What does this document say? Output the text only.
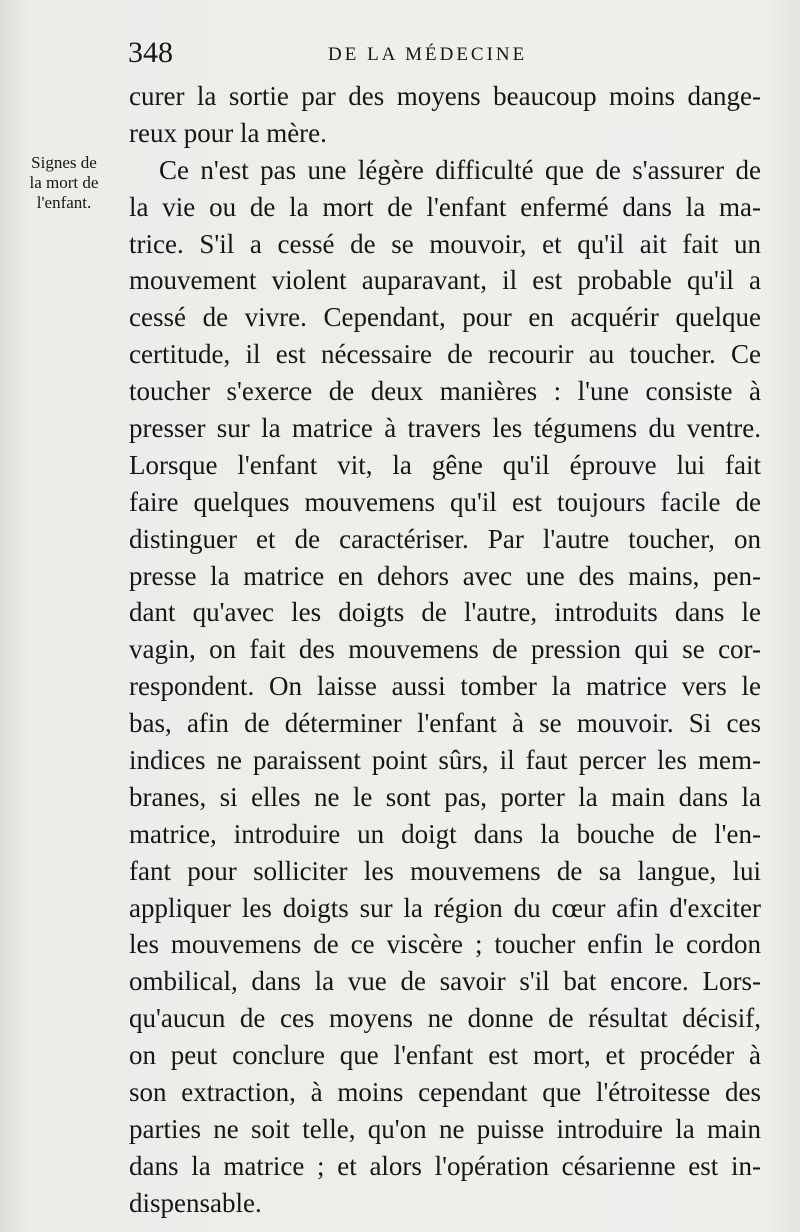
348	DE LA MÉDECINE
Signes de
la mort de
l'enfant.
curer la sortie par des moyens beaucoup moins dange-
reux pour la mère.
Ce n'est pas une légère difficulté que de s'assurer de
la vie ou de la mort de l'enfant enfermé dans la ma-
trice. S'il a cessé de se mouvoir, et qu'il ait fait un
mouvement violent auparavant, il est probable qu'il a
cessé de vivre. Cependant, pour en acquérir quelque
certitude, il est nécessaire de recourir au toucher. Ce
toucher s'exerce de deux manières : l'une consiste à
presser sur la matrice à travers les tégumens du ventre.
Lorsque l'enfant vit, la gêne qu'il éprouve lui fait
faire quelques mouvemens qu'il est toujours facile de
distinguer et de caractériser. Par l'autre toucher, on
presse la matrice en dehors avec une des mains, pen-
dant qu'avec les doigts de l'autre, introduits dans le
vagin, on fait des mouvemens de pression qui se cor-
respondent. On laisse aussi tomber la matrice vers le
bas, afin de déterminer l'enfant à se mouvoir. Si ces
indices ne paraissent point sûrs, il faut percer les mem-
branes, si elles ne le sont pas, porter la main dans la
matrice, introduire un doigt dans la bouche de l'en-
fant pour solliciter les mouvemens de sa langue, lui
appliquer les doigts sur la région du cœur afin d'exciter
les mouvemens de ce viscère ; toucher enfin le cordon
ombilical, dans la vue de savoir s'il bat encore. Lors-
qu'aucun de ces moyens ne donne de résultat décisif,
on peut conclure que l'enfant est mort, et procéder à
son extraction, à moins cependant que l'étroitesse des
parties ne soit telle, qu'on ne puisse introduire la main
dans la matrice ; et alors l'opération césarienne est in-
dispensable.
